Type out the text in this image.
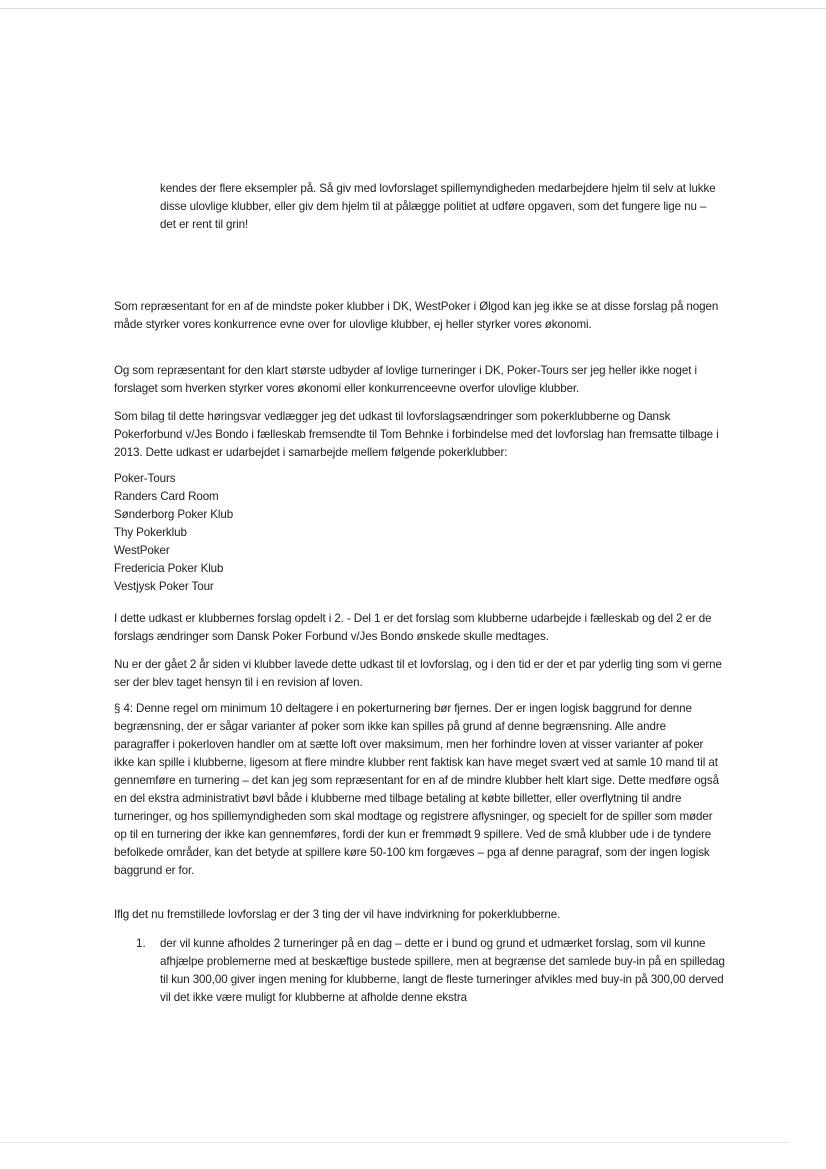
kendes der flere eksempler på. Så giv med lovforslaget spillemyndigheden medarbejdere hjelm til selv at lukke disse ulovlige klubber, eller giv dem hjelm til at pålægge politiet at udføre opgaven, som det fungere lige nu – det er rent til grin!

Som repræsentant for en af de mindste poker klubber i DK, WestPoker i Ølgod kan jeg ikke se at disse forslag på nogen måde styrker vores konkurrence evne over for ulovlige klubber, ej heller styrker vores økonomi.

Og som repræsentant for den klart største udbyder af lovlige turneringer i DK, Poker-Tours ser jeg heller ikke noget i forslaget som hverken styrker vores økonomi eller konkurrenceevne overfor ulovlige klubber.

Som bilag til dette høringsvar vedlægger jeg det udkast til lovforslagsændringer som pokerklubberne og Dansk Pokerforbund v/Jes Bondo i fælleskab fremsendte til Tom Behnke i forbindelse med det lovforslag han fremsatte tilbage i 2013. Dette udkast er udarbejdet i samarbejde mellem følgende pokerklubber:

Poker-Tours
Randers Card Room
Sønderborg Poker Klub
Thy Pokerklub
WestPoker
Fredericia Poker Klub
Vestjysk Poker Tour

I dette udkast er klubbernes forslag opdelt i 2. - Del 1 er det forslag som klubberne udarbejde i fælleskab og del 2 er de forslags ændringer som Dansk Poker Forbund v/Jes Bondo ønskede skulle medtages.

Nu er der gået 2 år siden vi klubber lavede dette udkast til et lovforslag, og i den tid er der et par yderlig ting som vi gerne ser der blev taget hensyn til i en revision af loven.

§ 4: Denne regel om minimum 10 deltagere i en pokerturnering bør fjernes. Der er ingen logisk baggrund for denne begrænsning, der er sågar varianter af poker som ikke kan spilles på grund af denne begrænsning. Alle andre paragraffer i pokerloven handler om at sætte loft over maksimum, men her forhindre loven at visser varianter af poker ikke kan spille i klubberne, ligesom at flere mindre klubber rent faktisk kan have meget svært ved at samle 10 mand til at gennemføre en turnering – det kan jeg som repræsentant for en af de mindre klubber helt klart sige. Dette medføre også en del ekstra administrativt bøvl både i klubberne med tilbage betaling at købte billetter, eller overflytning til andre turneringer, og hos spillemyndigheden som skal modtage og registrere aflysninger, og specielt for de spiller som møder op til en turnering der ikke kan gennemføres, fordi der kun er fremmødt 9 spillere. Ved de små klubber ude i de tyndere befolkede områder, kan det betyde at spillere køre 50-100 km forgæves – pga af denne paragraf, som der ingen logisk baggrund er for.

Iflg det nu fremstillede lovforslag er der 3 ting der vil have indvirkning for pokerklubberne.

1. der vil kunne afholdes 2 turneringer på en dag – dette er i bund og grund et udmærket forslag, som vil kunne afhjælpe problemerne med at beskæftige bustede spillere, men at begrænse det samlede buy-in på en spilledag til kun 300,00 giver ingen mening for klubberne, langt de fleste turneringer afvikles med buy-in på 300,00 derved vil det ikke være muligt for klubberne at afholde denne ekstra
